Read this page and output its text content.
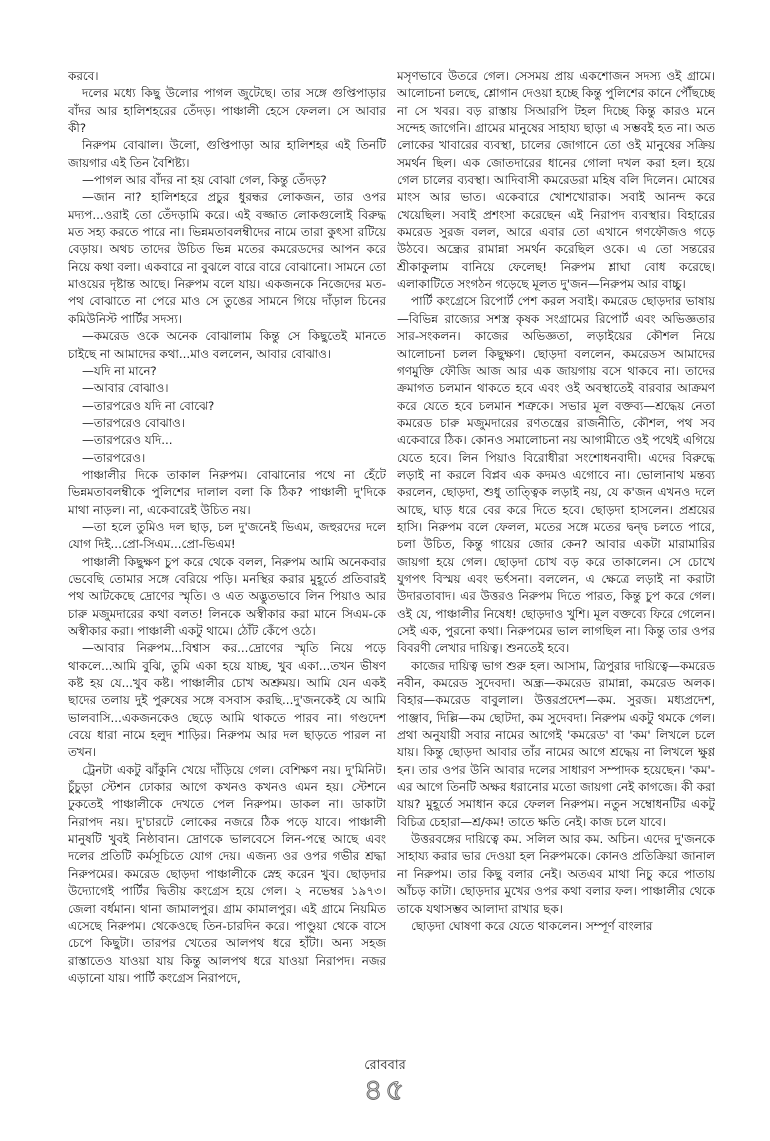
করবে।

দলের মধ্যে কিছু উলোর পাগল জুটেছে। তার সঙ্গে গুপ্তিপাড়ার বাঁদর আর হালিশহরের তেঁদড়। পাঞ্চালী হেসে ফেলল। সে আবার কী?

নিরুপম বোঝাল। উলো, গুপ্তিপাড়া আর হালিশহর এই তিনটি জায়গার এই তিন বৈশিষ্ট্য।

—পাগল আর বাঁদর না হয় বোঝা গেল, কিন্তু তেঁদড়?

—জান না? হালিশহরে প্রচুর ধুরন্ধর লোকজন, তার ওপর মদ্যপ...ওরাই তো তেঁদড়ামি করে। এই বজ্জাত লোকগুলোই বিরুদ্ধ মত সহ্য করতে পারে না। ভিন্নমতাবলম্বীদের নামে তারা কুৎসা রটিয়ে বেড়ায়। অথচ তাদের উচিত ভিন্ন মতের কমরেডদের আপন করে নিয়ে কথা বলা। একবারে না বুঝলে বারে বারে বোঝানো। সামনে তো মাওয়ের দৃষ্টান্ত আছে। নিরুপম বলে যায়। একজনকে নিজেদের মত-পথ বোঝাতে না পেরে মাও সে তুঙের সামনে গিয়ে দাঁড়াল চিনের কমিউনিস্ট পার্টির সদস্য।

—কমরেড ওকে অনেক বোঝালাম কিন্তু সে কিছুতেই মানতে চাইছে না আমাদের কথা...মাও বললেন, আবার বোঝাও।

—যদি না মানে?

—আবার বোঝাও।

—তারপরেও যদি না বোঝে?

—তারপরেও বোঝাও।

—তারপরেও যদি...

—তারপরেও।

পাঞ্চালীর দিকে তাকাল নিরুপম। বোঝানোর পথে না হেঁটে ভিন্নমতাবলম্বীকে পুলিশের দালাল বলা কি ঠিক? পাঞ্চালী দু'দিকে মাথা নাড়ল। না, একেবারেই উচিত নয়।

—তা হলে তুমিও দল ছাড়, চল দু'জনেই ভিএম, জহুরদের দলে যোগ দিই...প্রো-সিএম...প্রো-ভিএম!

পাঞ্চালী কিছুক্ষণ চুপ করে থেকে বলল, নিরুপম আমি অনেকবার ভেবেছি তোমার সঙ্গে বেরিয়ে পড়ি। মনস্থির করার মুহূর্তে প্রতিবারই পথ আটকেছে দ্রোণের স্মৃতি। ও এত অদ্ভুতভাবে লিন পিয়াও আর চারু মজুমদারের কথা বলত! লিনকে অস্বীকার করা মানে সিএম-কে অস্বীকার করা। পাঞ্চালী একটু থামে। ঠোঁট কেঁপে ওঠে।

—আবার নিরুপম...বিশ্বাস কর...দ্রোণের স্মৃতি নিয়ে পড়ে থাকলে...আমি বুঝি, তুমি একা হয়ে যাচ্ছ, খুব একা...তখন ভীষণ কষ্ট হয় যে...খুব কষ্ট। পাঞ্চালীর চোখ অশ্রুময়। আমি যেন একই ছাদের তলায় দুই পুরুষের সঙ্গে বসবাস করছি...দু'জনকেই যে আমি ভালবাসি...একজনকেও ছেড়ে আমি থাকতে পারব না। গণ্ডদেশ বেয়ে ধারা নামে হলুদ শাড়ির। নিরুপম আর দল ছাড়তে পারল না তখন।

ট্রেনটা একটু ঝাঁকুনি খেয়ে দাঁড়িয়ে গেল। বেশিক্ষণ নয়। দু'মিনিট। চুঁচুড়া স্টেশন ঢোকার আগে কখনও কখনও এমন হয়। স্টেশনে ঢুকতেই পাঞ্চালীকে দেখতে পেল নিরুপম। ডাকল না। ডাকাটা নিরাপদ নয়। দু'চারটে লোকের নজরে ঠিক পড়ে যাবে। পাঞ্চালী মানুষটি খুবই নিষ্ঠাবান। দ্রোণকে ভালবেসে লিন-পন্থে আছে এবং দলের প্রতিটি কর্মসূচিতে যোগ দেয়। এজন্য ওর ওপর গভীর শ্রদ্ধা নিরুপমের। কমরেড ছোড়দা পাঞ্চালীকে স্নেহ করেন খুব। ছোড়দার উদ্যোগেই পার্টির দ্বিতীয় কংগ্রেস হয়ে গেল। ২ নভেম্বর ১৯৭৩। জেলা বর্ধমান। থানা জামালপুর। গ্রাম কামালপুর। এই গ্রামে নিয়মিত এসেছে নিরুপম। থেকেওছে তিন-চারদিন করে। পাণ্ডুয়া থেকে বাসে চেপে কিছুটা। তারপর খেতের আলপথ ধরে হাঁটা। অন্য সহজ রাস্তাতেও যাওয়া যায় কিন্তু আলপথ ধরে যাওয়া নিরাপদ। নজর এড়ানো যায়। পার্টি কংগ্রেস নিরাপদে,

মসৃণভাবে উতরে গেল। সেসময় প্রায় একশোজন সদস্য ওই গ্রামে। আলোচনা চলছে, শ্লোগান দেওয়া হচ্ছে কিন্তু পুলিশের কানে পৌঁছচ্ছে না সে খবর। বড় রাস্তায় সিআরপি টহল দিচ্ছে কিন্তু কারও মনে সন্দেহ জাগেনি। গ্রামের মানুষের সাহায্য ছাড়া এ সম্ভবই হত না। অত লোকের খাবারের ব্যবস্থা, চালের জোগানে তো ওই মানুষের সক্রিয় সমর্থন ছিল। এক জোতদারের ধানের গোলা দখল করা হল। হয়ে গেল চালের ব্যবস্থা। আদিবাসী কমরেডরা মহিষ বলি দিলেন। মোষের মাংস আর ভাত। একেবারে খোশখোরাক। সবাই আনন্দ করে খেয়েছিল। সবাই প্রশংসা করেছেন এই নিরাপদ ব্যবস্থার। বিহারের কমরেড সুরজ বলল, আরে এবার তো এখানে গণফৌজও গড়ে উঠবে। অন্ধ্রের রামান্না সমর্থন করেছিল ওকে। এ তো সন্তরের শ্রীকাকুলাম বানিয়ে ফেলেছ! নিরুপম শ্লাঘা বোধ করেছে। এলাকাটিতে সংগঠন গড়েছে মূলত দু'জন—নিরুপম আর বাচ্চু।

পার্টি কংগ্রেসে রিপোর্ট পেশ করল সবাই। কমরেড ছোড়দার ভাষায়—বিভিন্ন রাজ্যের সশস্ত্র কৃষক সংগ্রামের রিপোর্ট এবং অভিজ্ঞতার সার-সংকলন। কাজের অভিজ্ঞতা, লড়াইয়ের কৌশল নিয়ে আলোচনা চলল কিছুক্ষণ। ছোড়দা বললেন, কমরেডস আমাদের গণমুক্তি ফৌজি আজ আর এক জায়গায় বসে থাকবে না। তাদের ক্রমাগত চলমান থাকতে হবে এবং ওই অবস্থাতেই বারবার আক্রমণ করে যেতে হবে চলমান শত্রুকে। সভার মূল বক্তব্য—শ্রদ্ধেয় নেতা কমরেড চারু মজুমদারের রণতন্ত্রের রাজনীতি, কৌশল, পথ সব একেবারে ঠিক। কোনও সমালোচনা নয় আগামীতে ওই পথেই এগিয়ে যেতে হবে। লিন পিয়াও বিরোধীরা সংশোধনবাদী। এদের বিরুদ্ধে লড়াই না করলে বিপ্লব এক কদমও এগোবে না। ভোলানাথ মন্তব্য করলেন, ছোড়দা, শুধু তাত্ত্বিক লড়াই নয়, যে ক'জন এখনও দলে আছে, ঘাড় ধরে বের করে দিতে হবে। ছোড়দা হাসলেন। প্রশ্রয়ের হাসি। নিরুপম বলে ফেলল, মতের সঙ্গে মতের দ্বন্দ্ব চলতে পারে, চলা উচিত, কিন্তু গায়ের জোর কেন? আবার একটা মারামারির জায়গা হয়ে গেল। ছোড়দা চোখ বড় করে তাকালেন। সে চোখে যুগপৎ বিস্ময় এবং ভর্ৎসনা। বললেন, এ ক্ষেত্রে লড়াই না করাটা উদারতাবাদ। এর উত্তরও নিরুপম দিতে পারত, কিন্তু চুপ করে গেল। ওই যে, পাঞ্চালীর নিষেধ! ছোড়দাও খুশি। মূল বক্তব্যে ফিরে গেলেন। সেই এক, পুরনো কথা। নিরুপমের ভাল লাগছিল না। কিন্তু তার ওপর বিবরণী লেখার দায়িত্ব। শুনতেই হবে।

কাজের দায়িত্ব ভাগ শুরু হল। আসাম, ত্রিপুরার দায়িত্বে—কমরেড নবীন, কমরেড সুদেবদা। অন্ধ্র—কমরেড রামান্না, কমরেড অলক। বিহার—কমরেড বাবুলাল। উত্তরপ্রদেশ—কম. সুরজ। মধ্যপ্রদেশ, পাঞ্জাব, দিল্লি—কম ছোটদা, কম সুদেবদা। নিরুপম একটু থমকে গেল। প্রথা অনুযায়ী সবার নামের আগেই 'কমরেড' বা 'কম' লিখলে চলে যায়। কিন্তু ছোড়দা আবার তাঁর নামের আগে শ্রদ্ধেয় না লিখলে ক্ষুণ্ণ হন। তার ওপর উনি আবার দলের সাধারণ সম্পাদক হয়েছেন। 'কম'-এর আগে তিনটি অক্ষর ধরানোর মতো জায়গা নেই কাগজে। কী করা যায়? মুহূর্তে সমাধান করে ফেলল নিরুপম। নতুন সম্বোধনটির একটু বিচিত্র চেহারা—শ্র/কম! তাতে ক্ষতি নেই। কাজ চলে যাবে।

উত্তরবঙ্গের দায়িত্বে কম. সলিল আর কম. অচিন। এদের দু'জনকে সাহায্য করার ভার দেওয়া হল নিরুপমকে। কোনও প্রতিক্রিয়া জানাল না নিরুপম। তার কিছু বলার নেই। অতএব মাথা নিচু করে পাতায় আঁচড় কাটা। ছোড়দার মুখের ওপর কথা বলার ফল। পাঞ্চালীর থেকে তাকে যথাসম্ভব আলাদা রাখার ছক।

ছোড়দা ঘোষণা করে যেতে থাকলেন। সম্পূর্ণ বাংলার

রোববার
৪৫
